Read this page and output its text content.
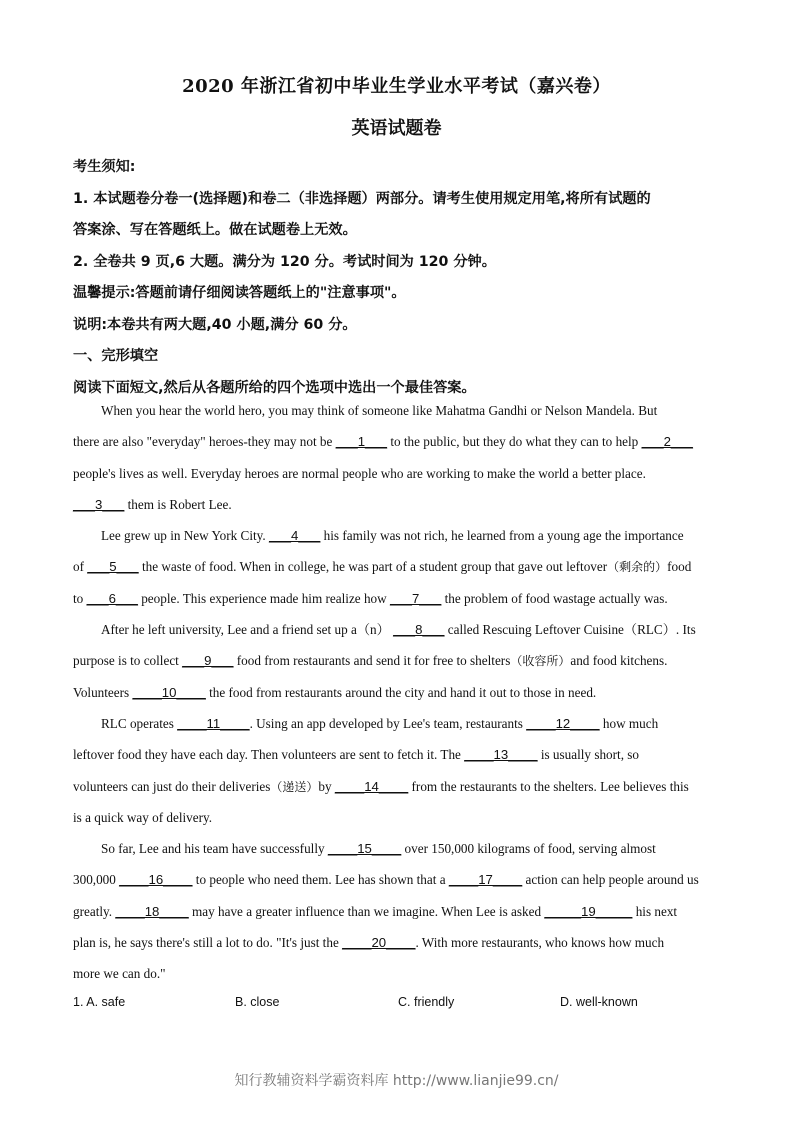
2020 年浙江省初中毕业生学业水平考试（嘉兴卷）
英语试题卷
考生须知:
1. 本试题卷分卷一(选择题)和卷二（非选择题）两部分。请考生使用规定用笔,将所有试题的
答案涂、写在答题纸上。做在试题卷上无效。
2. 全卷共 9 页,6 大题。满分为 120 分。考试时间为 120 分钟。
温馨提示:答题前请仔细阅读答题纸上的"注意事项"。
说明:本卷共有两大题,40 小题,满分 60 分。
一、完形填空
阅读下面短文,然后从各题所给的四个选项中选出一个最佳答案。
When you hear the world hero, you may think of someone like Mahatma Gandhi or Nelson Mandela. But
there are also "everyday" heroes-they may not be ___1___ to the public, but they do what they can to help ___2___
people's lives as well. Everyday heroes are normal people who are working to make the world a better place.
___3___ them is Robert Lee.
Lee grew up in New York City. ___4___ his family was not rich, he learned from a young age the importance
of ___5___ the waste of food. When in college, he was part of a student group that gave out leftover（剩余的）food
to ___6___ people. This experience made him realize how ___7___ the problem of food wastage actually was.
After he left university, Lee and a friend set up a（n） ___8___ called Rescuing Leftover Cuisine（RLC）. Its
purpose is to collect ___9___ food from restaurants and send it for free to shelters（收容所）and food kitchens.
Volunteers ____10____ the food from restaurants around the city and hand it out to those in need.
RLC operates ____11____. Using an app developed by Lee's team, restaurants ____12____ how much
leftover food they have each day. Then volunteers are sent to fetch it. The ____13____ is usually short, so
volunteers can just do their deliveries（递送）by ____14____ from the restaurants to the shelters. Lee believes this
is a quick way of delivery.
So far, Lee and his team have successfully ____15____ over 150,000 kilograms of food, serving almost
300,000 ____16____ to people who need them. Lee has shown that a ____17____ action can help people around us
greatly. ____18____ may have a greater influence than we imagine. When Lee is asked _____19_____ his next
plan is, he says there's still a lot to do. "It's just the ____20____. With more restaurants, who knows how much
more we can do."
1. A. safe	B. close	C. friendly	D. well-known
知行教辅资料学霸资料库 http://www.lianjie99.cn/
